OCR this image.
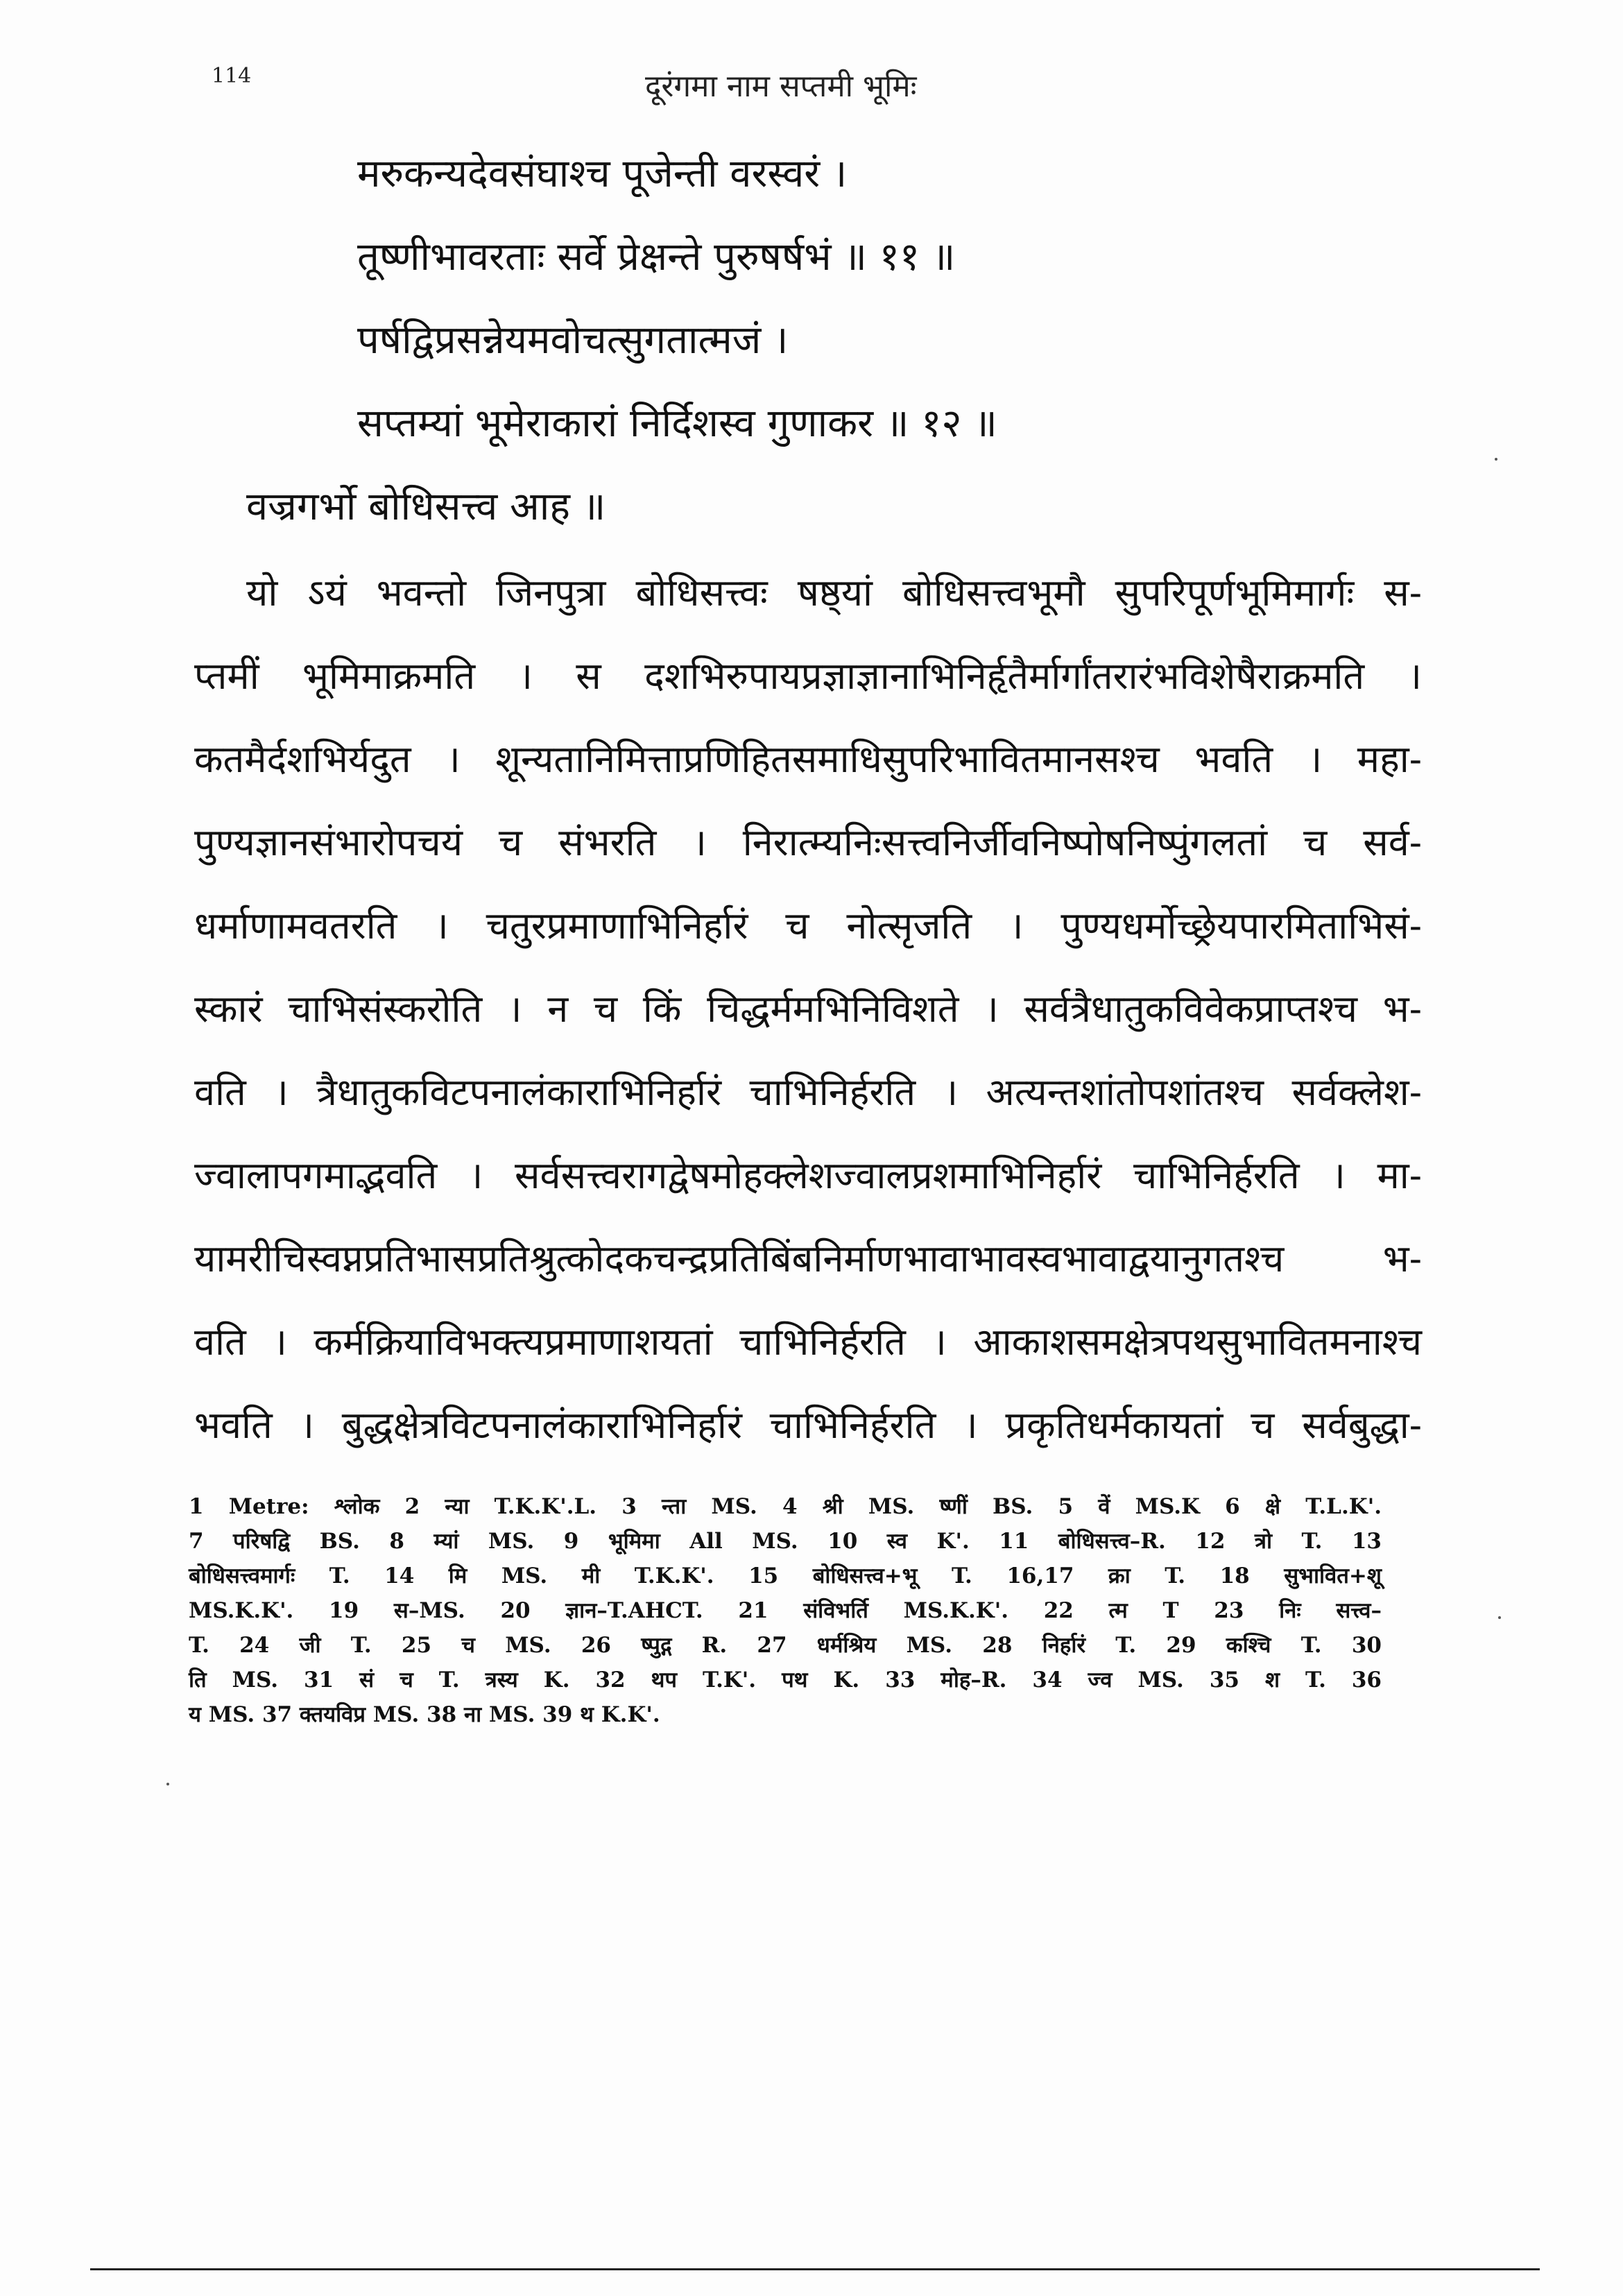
114	दूरंगमा नाम सप्तमी भूमिः
मरुकन्यदेवसंघाश्च पूजेन्ती वरस्वरं ।
तूष्णीभावरताः सर्वे प्रेक्षन्ते पुरुषर्षभं ॥ ११ ॥
पर्षद्विप्रसन्नेयमवोचत्सुगतात्मजं ।
सप्तम्यां भूमेराकारां निर्दिशस्व गुणाकर ॥ १२ ॥
वज्रगर्भो बोधिसत्त्व आह ॥
यो ऽयं भवन्तो जिनपुत्रा बोधिसत्त्वः षष्ठ्यां बोधिसत्त्वभूमौ सुपरिपूर्णभूमिमार्गः स-
प्तमीं भूमिमाक्रमति । स दशभिरुपायप्रज्ञाज्ञानाभिनिर्हृतैर्मार्गांतरारंभविशेषैराक्रमति ।
कतमैर्दशभिर्यदुत । शून्यतानिमित्ताप्रणिहितसमाधिसुपरिभावितमानसश्च भवति । महा-
पुण्यज्ञानसंभारोपचयं च संभरति । निरात्म्यनिःसत्त्वनिर्जीवनिष्पोषनिष्पुंगलतां च सर्व-
धर्माणामवतरति । चतुरप्रमाणाभिनिर्हारं च नोत्सृजति । पुण्यधर्मोच्छ्रेयपारमिताभिसं-
स्कारं चाभिसंस्करोति । न च किं चिद्धर्ममभिनिविशते । सर्वत्रैधातुकविवेकप्राप्तश्च भ-
वति । त्रैधातुकविटपनालंकाराभिनिर्हारं चाभिनिर्हरति । अत्यन्तशांतोपशांतश्च सर्वक्लेश-
ज्वालापगमाद्भवति । सर्वसत्त्वरागद्वेषमोहक्लेशज्वालप्रशमाभिनिर्हारं चाभिनिर्हरति । मा-
यामरीचिस्वप्नप्रतिभासप्रतिश्रुत्कोदकचन्द्रप्रतिबिंबनिर्माणभावाभावस्वभावाद्वयानुगतश्च भ-
वति । कर्मक्रियाविभक्त्यप्रमाणाशयतां चाभिनिर्हरति । आकाशसमक्षेत्रपथसुभावितमनाश्च
भवति । बुद्धक्षेत्रविटपनालंकाराभिनिर्हारं चाभिनिर्हरति । प्रकृतिधर्मकायतां च सर्वबुद्धा-
1 Metre: श्लोक 2 न्या T.K.K'.L. 3 न्ता MS. 4 श्री MS. ष्णीं BS. 5 वें MS.K 6 क्षे T.L.K'.
7 परिषद्वि BS. 8 म्यां MS. 9 भूमिमा All MS. 10 स्व K'. 11 बोधिसत्त्व–R. 12 त्रो T. 13
बोधिसत्त्वमार्गः T. 14 मि MS. मी T.K.K'. 15 बोधिसत्त्व+भू T. 16,17 क्रा T. 18 सुभावित+शू
MS.K.K'. 19 स–MS. 20 ज्ञान–T.AHCT. 21 संविभर्ति MS.K.K'. 22 त्म T 23 निः सत्त्व–
T. 24 जी T. 25 च MS. 26 ष्पुद्ग R. 27 धर्मश्रिय MS. 28 निर्हारं T. 29 कश्चि T. 30
ति MS. 31 सं च T. त्रस्य K. 32 थप T.K'. पथ K. 33 मोह–R. 34 ज्व MS. 35 श T. 36
य MS. 37 क्तयविप्र MS. 38 ना MS. 39 थ K.K'.
